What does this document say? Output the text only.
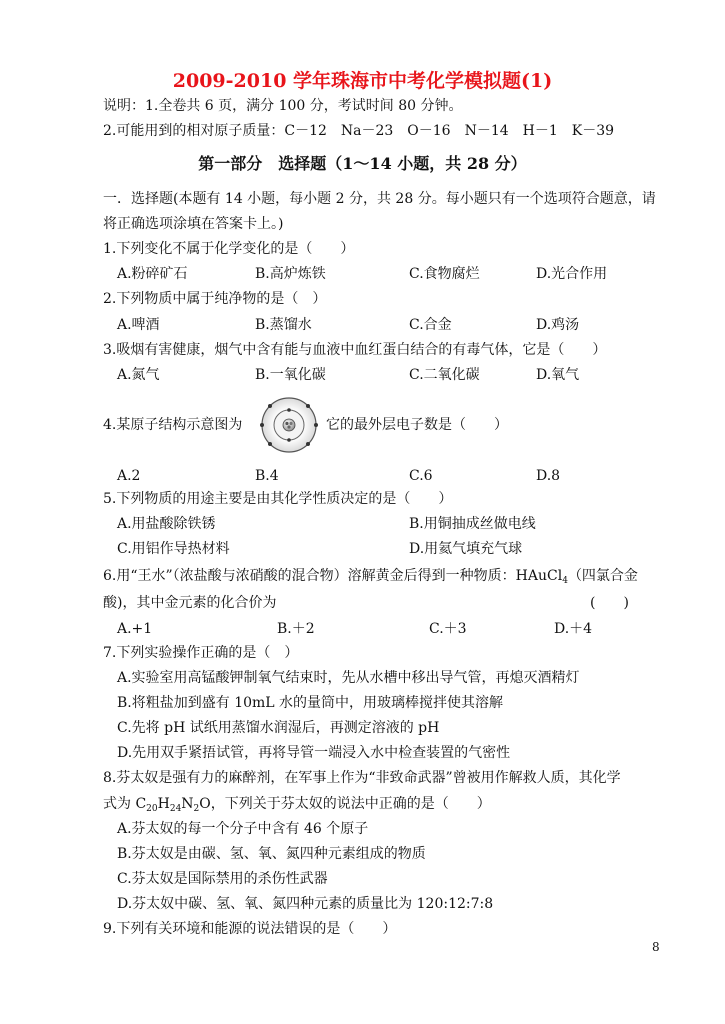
2009-2010 学年珠海市中考化学模拟题(1)
说明：1.全卷共 6 页，满分 100 分，考试时间 80 分钟。
2.可能用到的相对原子质量：C－12　Na－23　O－16　N－14　H－1　K－39
第一部分　选择题（1～14 小题，共 28 分）
一．选择题(本题有 14 小题，每小题 2 分，共 28 分。每小题只有一个选项符合题意，请
将正确选项涂填在答案卡上。)
1.下列变化不属于化学变化的是（　　）
A.粉碎矿石	B.高炉炼铁	C.食物腐烂	D.光合作用
2.下列物质中属于纯净物的是（　）
A.啤酒	B.蒸馏水	C.合金	D.鸡汤
3.吸烟有害健康，烟气中含有能与血液中血红蛋白结合的有毒气体，它是（　　）
A.氮气	B.一氧化碳	C.二氧化碳	D.氧气
4.某原子结构示意图为	它的最外层电子数是（　　）
A.2	B.4	C.6	D.8
5.下列物质的用途主要是由其化学性质决定的是（　　）
A.用盐酸除铁锈	B.用铜抽成丝做电线
C.用铝作导热材料	D.用氦气填充气球
6.用“王水”（浓盐酸与浓硝酸的混合物）溶解黄金后得到一种物质：HAuCl$_4$（四氯合金
酸)，其中金元素的化合价为	(　　)
A.+1	B.＋2	C.＋3	D.＋4
7.下列实验操作正确的是（　）
A.实验室用高锰酸钾制氧气结束时，先从水槽中移出导气管，再熄灭酒精灯
B.将粗盐加到盛有 10mL 水的量筒中，用玻璃棒搅拌使其溶解
C.先将 pH 试纸用蒸馏水润湿后，再测定溶液的 pH
D.先用双手紧捂试管，再将导管一端浸入水中检查装置的气密性
8.芬太奴是强有力的麻醉剂，在军事上作为“非致命武器”曾被用作解救人质，其化学
式为 $C_{20}H_{24}N_2O$，下列关于芬太奴的说法中正确的是（　　）
A.芬太奴的每一个分子中含有 46 个原子
B.芬太奴是由碳、氢、氧、氮四种元素组成的物质
C.芬太奴是国际禁用的杀伤性武器
D.芬太奴中碳、氢、氧、氮四种元素的质量比为 120:12:7:8
9.下列有关环境和能源的说法错误的是（　　）
8
